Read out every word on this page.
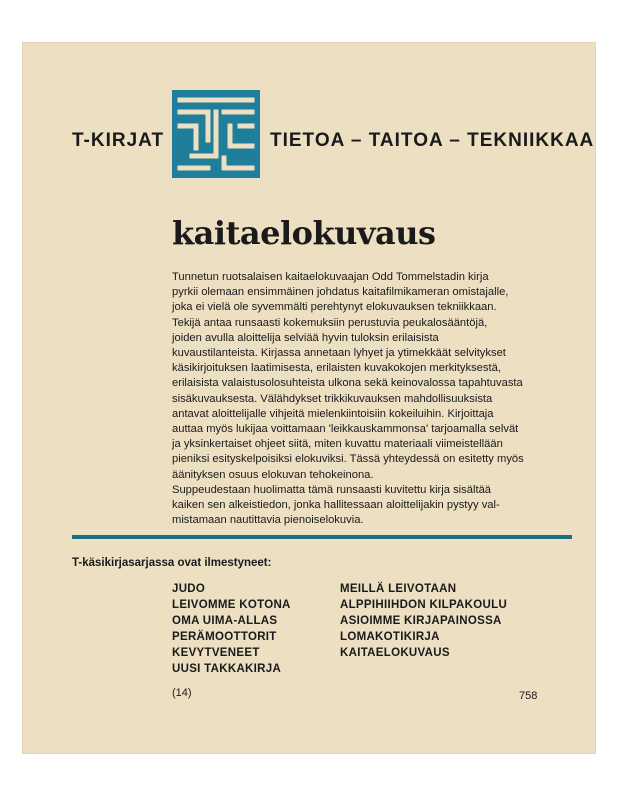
T-KIRJAT	TIETOA – TAITOA – TEKNIIKKAA
kaitaelokuvaus
Tunnetun ruotsalaisen kaitaelokuvaajan Odd Tommelstadin kirja
pyrkii olemaan ensimmäinen johdatus kaitafilmikameran omistajalle,
joka ei vielä ole syvemmälti perehtynyt elokuvauksen tekniikkaan.
Tekijä antaa runsaasti kokemuksiin perustuvia peukalosääntöjä,
joiden avulla aloittelija selviää hyvin tuloksin erilaisista
kuvaustilanteista. Kirjassa annetaan lyhyet ja ytimekkäät selvitykset
käsikirjoituksen laatimisesta, erilaisten kuvakokojen merkityksestä,
erilaisista valaistusolosuhteista ulkona sekä keinovalossa tapahtuvasta
sisäkuvauksesta. Välähdykset trikkikuvauksen mahdollisuuksista
antavat aloittelijalle vihjeitä mielenkiintoisiin kokeiluihin. Kirjoittaja
auttaa myös lukijaa voittamaan 'leikkauskammonsa' tarjoamalla selvät
ja yksinkertaiset ohjeet siitä, miten kuvattu materiaali viimeistellään
pieniksi esityskelpoisiksi elokuviksi. Tässä yhteydessä on esitetty myös
äänityksen osuus elokuvan tehokeinona.
Suppeudestaan huolimatta tämä runsaasti kuvitettu kirja sisältää
kaiken sen alkeistiedon, jonka hallitessaan aloittelijakin pystyy val-
mistamaan nautittavia pienoiselokuvia.
T-käsikirjasarjassa ovat ilmestyneet:
JUDO
LEIVOMME KOTONA
OMA UIMA-ALLAS
PERÄMOOTTORIT
KEVYTVENEET
UUSI TAKKAKIRJA
MEILLÄ LEIVOTAAN
ALPPIHIIHDON KILPAKOULU
ASIOIMME KIRJAPAINOSSA
LOMAKOTIKIRJA
KAITAELOKUVAUS
(14)	758
